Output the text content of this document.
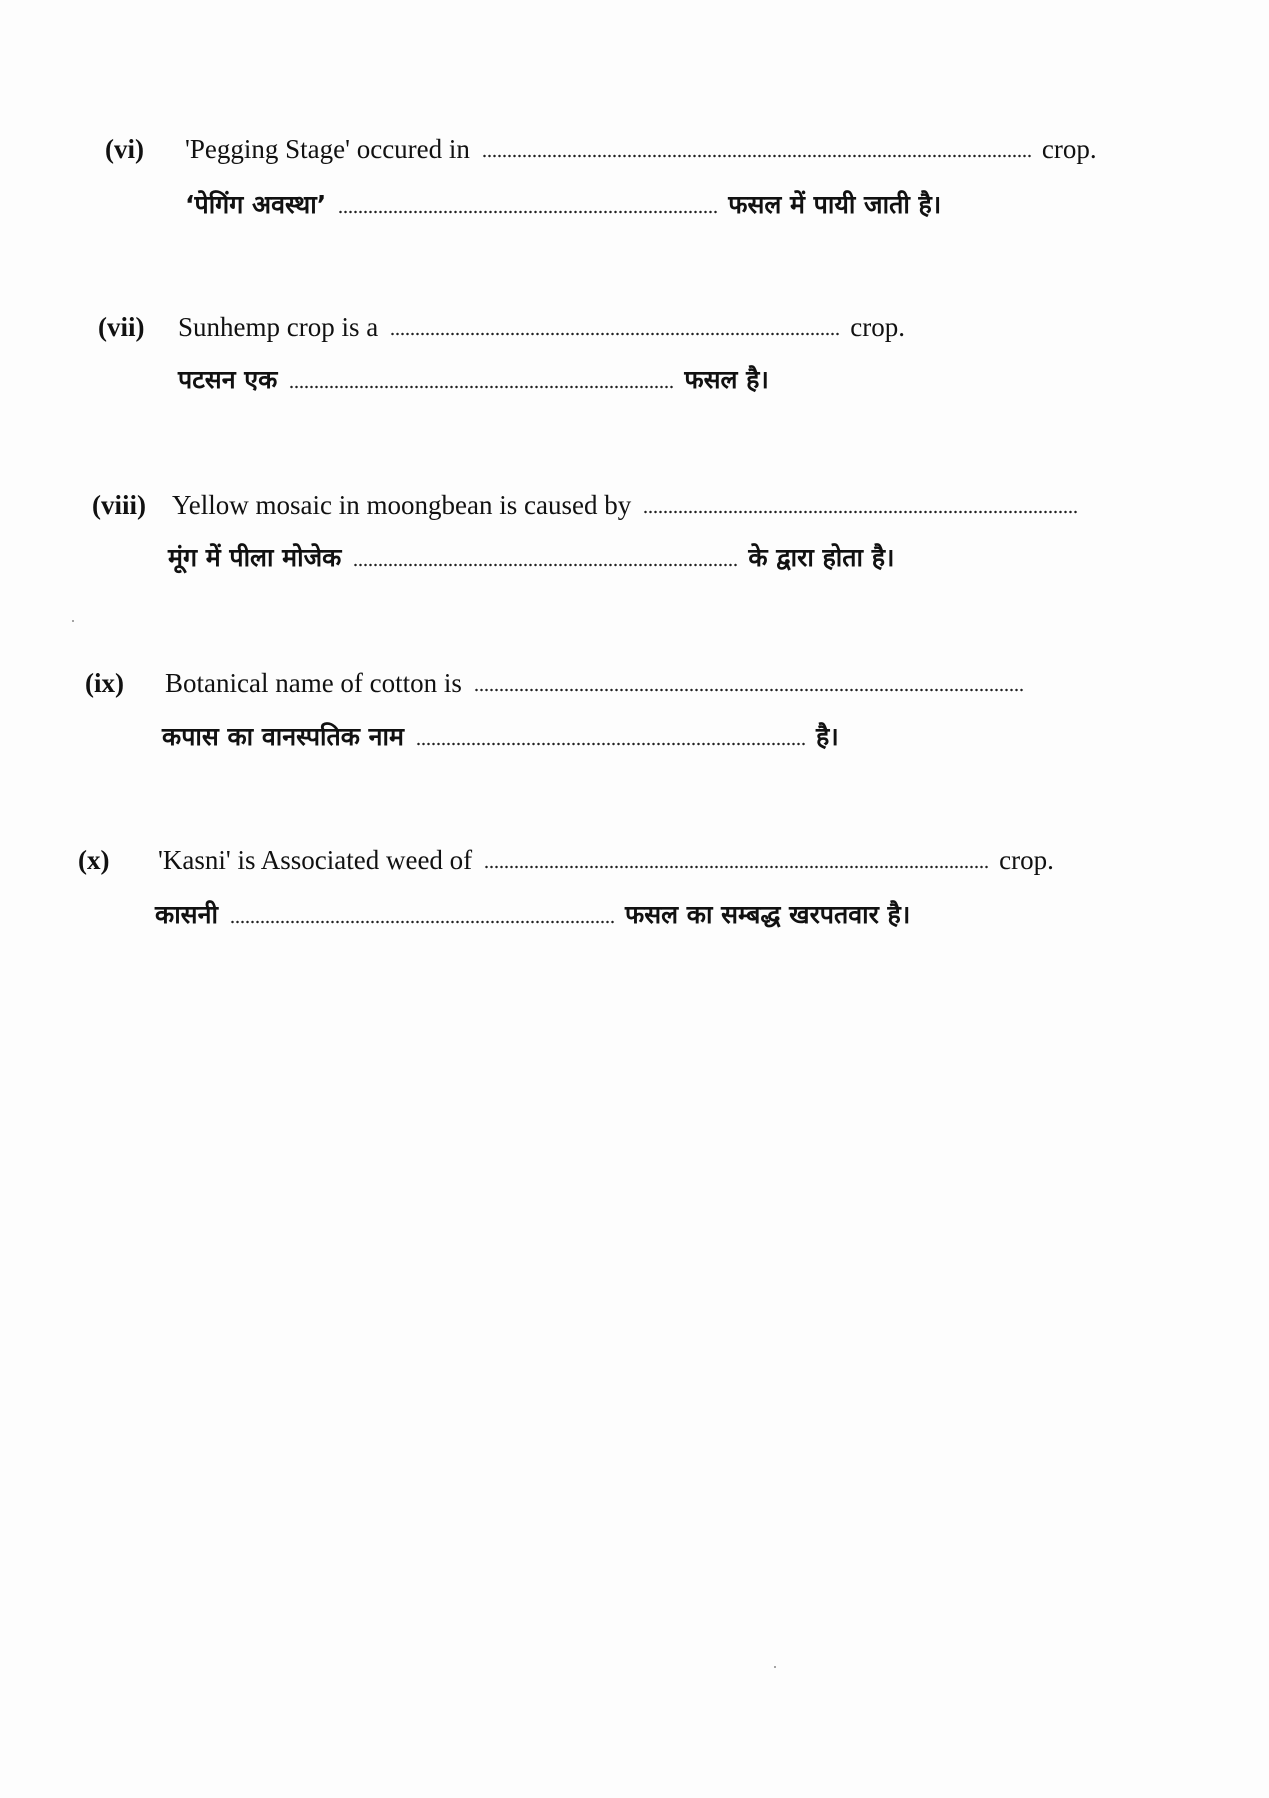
(vi)	'Pegging Stage' occured in	crop.
‘पेगिंग अवस्था’	फसल में पायी जाती है।
(vii)	Sunhemp crop is a	crop.
पटसन एक	फसल है।
(viii) Yellow mosaic in moongbean is caused by
मूंग में पीला मोजेक	के द्वारा होता है।
(ix)	Botanical name of cotton is
कपास का वानस्पतिक नाम	है।
(x)	'Kasni' is Associated weed of	crop.
कासनी	फसल का सम्बद्ध खरपतवार है।
